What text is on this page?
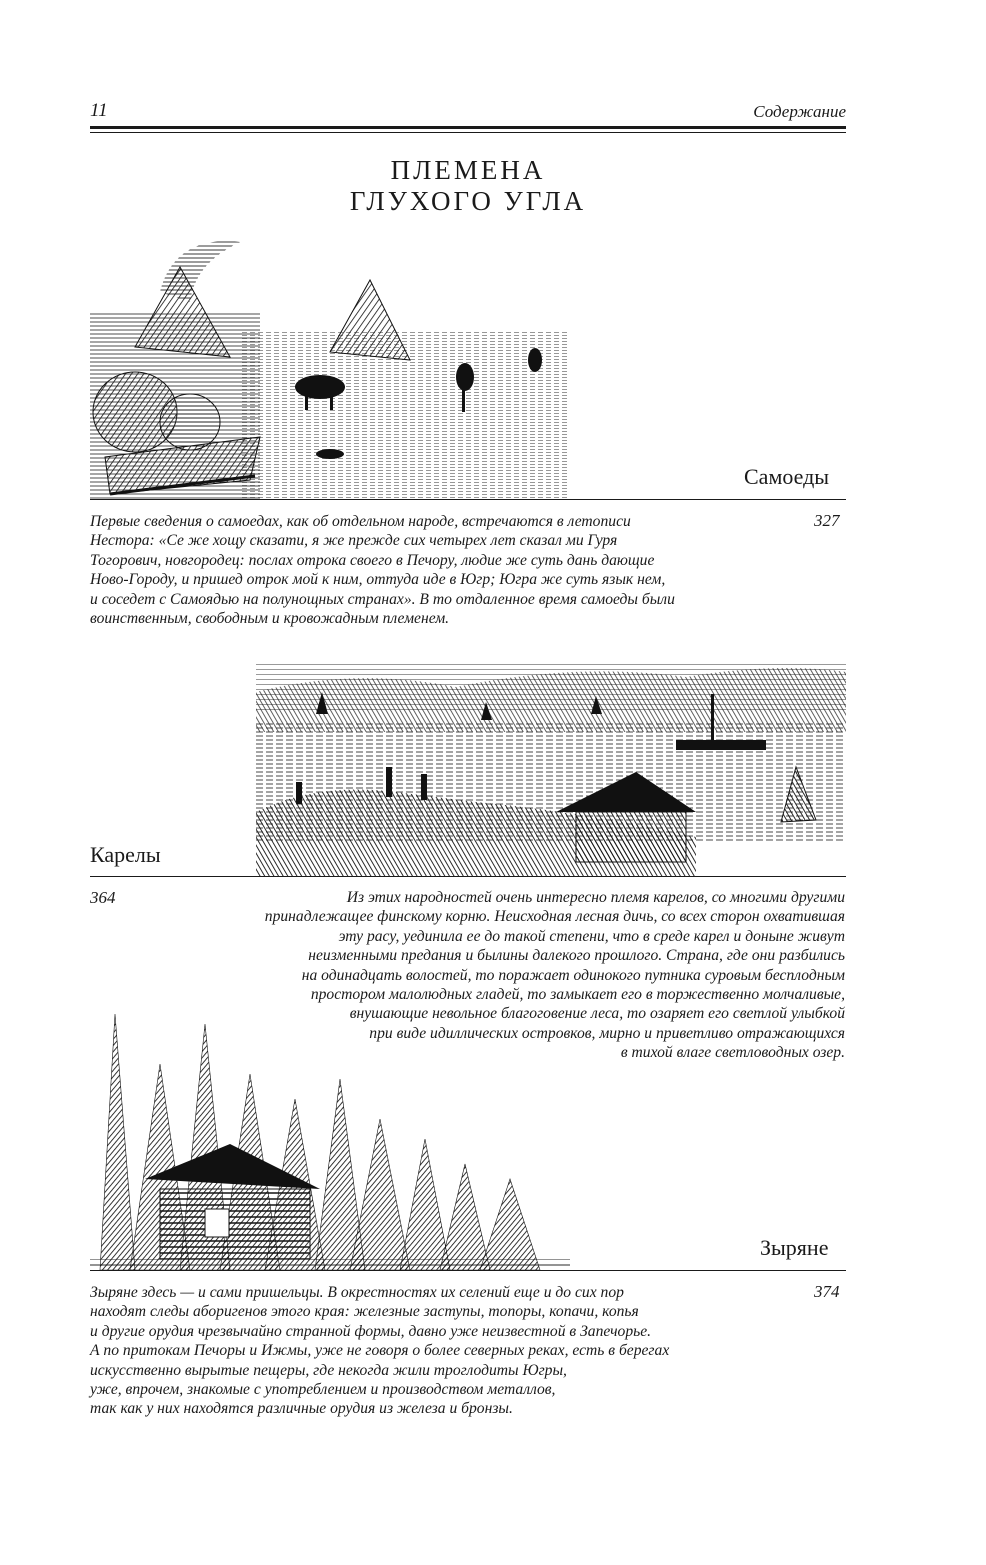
11	Содержание
ПЛЕМЕНА
ГЛУХОГО УГЛА
Самоеды
327
Первые сведения о самоедах, как об отдельном народе, встречаются в летописи
Нестора: «Се же хощу сказати, я же прежде сих четырех лет сказал ми Гуря
Тогорович, новгородец: послах отрока своего в Печору, людие же суть дань дающие
Ново-Городу, и пришед отрок мой к ним, оттуда иде в Югр; Югра же суть язык нем,
и соседет с Самоядью на полунощных странах». В то отдаленное время самоеды были
воинственным, свободным и кровожадным племенем.
Карелы
364	Из этих народностей очень интересно племя карелов, со многими другими
принадлежащее финскому корню. Неисходная лесная дичь, со всех сторон охватившая
эту расу, уединила ее до такой степени, что в среде карел и доныне живут
неизменными предания и былины далекого прошлого. Страна, где они разбились
на одинадцать волостей, то поражает одинокого путника суровым бесплодным
простором малолюдных гладей, то замыкает его в торжественно молчаливые,
внушающие невольное благоговение леса, то озаряет его светлой улыбкой
при виде идиллических островков, мирно и приветливо отражающихся
в тихой влаге светловодных озер.
Зыряне
374
Зыряне здесь — и сами пришельцы. В окрестностях их селений еще и до сих пор
находят следы аборигенов этого края: железные заступы, топоры, копачи, копья
и другие орудия чрезвычайно странной формы, давно уже неизвестной в Запечорье.
А по притокам Печоры и Ижмы, уже не говоря о более северных реках, есть в берегах
искусственно вырытые пещеры, где некогда жили троглодиты Югры,
уже, впрочем, знакомые с употреблением и производством металлов,
так как у них находятся различные орудия из железа и бронзы.
